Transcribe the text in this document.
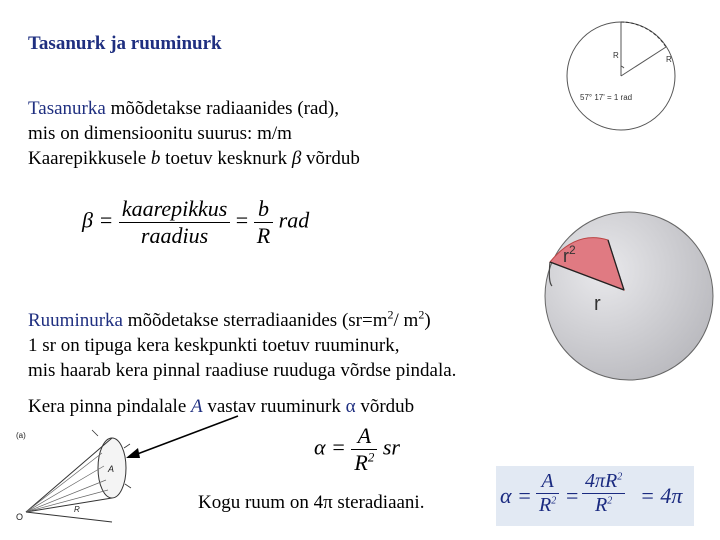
Tasanurk ja ruuminurk
Tasanurka mõõdetakse radiaanides (rad),
mis on dimensioonitu suurus: m/m
Kaarepikkusele b toetuv kesknurk β võrdub
$\beta = \frac{\text{kaarepikkus}}{\text{raadius}} = \frac{b}{R}$ rad
Ruuminurka mõõdetakse sterradiaanides ($sr=m^2/$ $m^2$)
1 sr on tipuga kera keskpunkti toetuv ruuminurk,
mis haarab kera pinnal raadiuse ruuduga võrdse pindala.
Kera pinna pindalale A vastav ruuminurk α võrdub
$\alpha = \frac{A}{R^2}$ sr
Kogu ruum on 4π steradiaani.	$\alpha = \frac{A}{R^2} = \frac{4\pi R^2}{R^2} = 4\pi$
R	R
57° 17' = 1 rad
$r^2$
r
(a)
A
R
O
